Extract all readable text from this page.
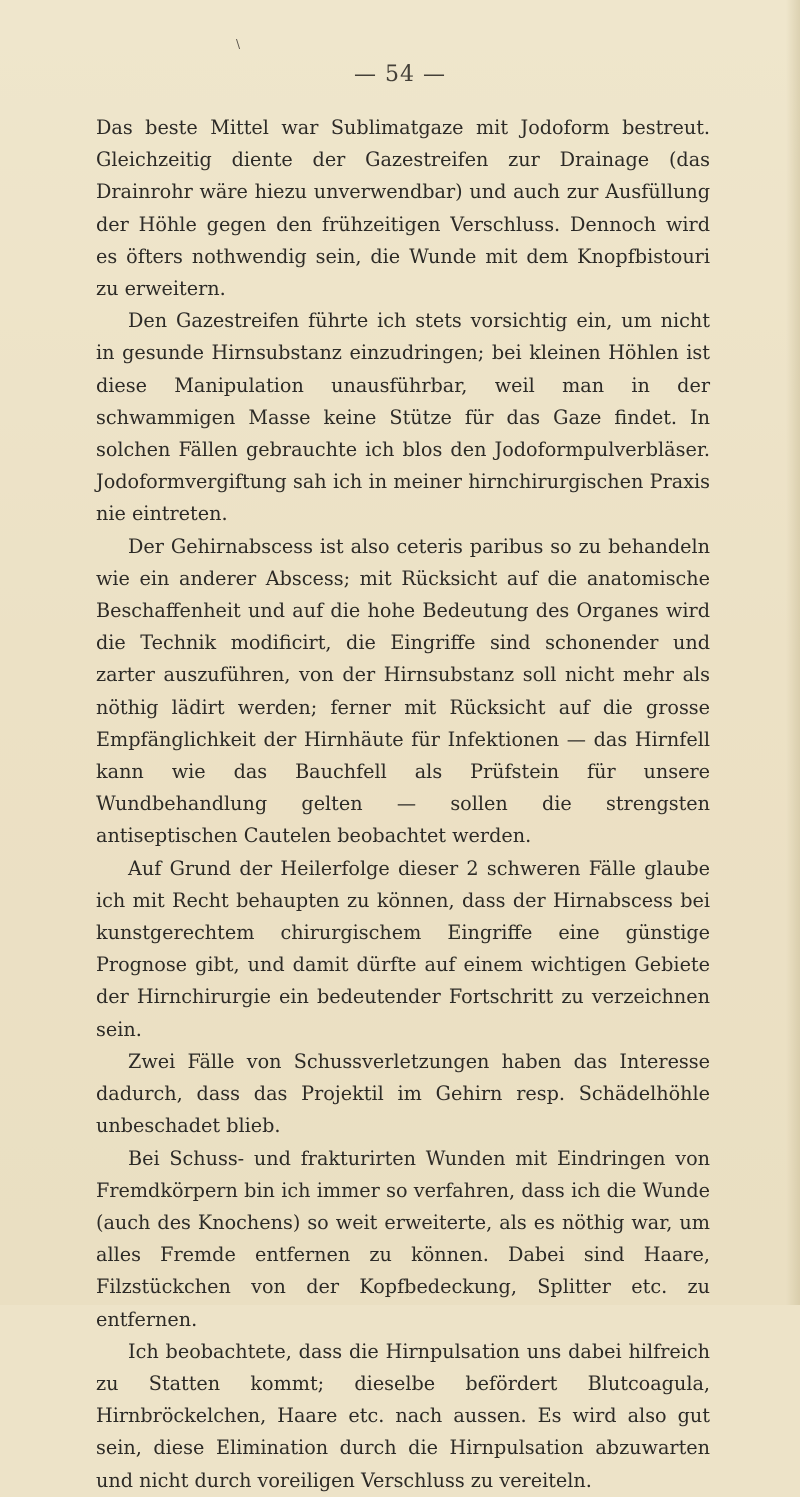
\
— 54 —

Das beste Mittel war Sublimatgaze mit Jodoform bestreut. Gleichzeitig diente der Gazestreifen zur Drainage (das Drainrohr wäre hiezu unverwendbar) und auch zur Ausfüllung der Höhle gegen den frühzeitigen Verschluss. Dennoch wird es öfters nothwendig sein, die Wunde mit dem Knopfbistouri zu erweitern.

Den Gazestreifen führte ich stets vorsichtig ein, um nicht in gesunde Hirnsubstanz einzudringen; bei kleinen Höhlen ist diese Manipulation unausführbar, weil man in der schwammigen Masse keine Stütze für das Gaze findet. In solchen Fällen gebrauchte ich blos den Jodoformpulverbläser. Jodoformvergiftung sah ich in meiner hirnchirurgischen Praxis nie eintreten.

Der Gehirnabscess ist also ceteris paribus so zu behandeln wie ein anderer Abscess; mit Rücksicht auf die anatomische Beschaffenheit und auf die hohe Bedeutung des Organes wird die Technik modificirt, die Eingriffe sind schonender und zarter auszuführen, von der Hirnsubstanz soll nicht mehr als nöthig lädirt werden; ferner mit Rücksicht auf die grosse Empfänglichkeit der Hirnhäute für Infektionen — das Hirnfell kann wie das Bauchfell als Prüfstein für unsere Wundbehandlung gelten — sollen die strengsten antiseptischen Cautelen beobachtet werden.

Auf Grund der Heilerfolge dieser 2 schweren Fälle glaube ich mit Recht behaupten zu können, dass der Hirnabscess bei kunstgerechtem chirurgischem Eingriffe eine günstige Prognose gibt, und damit dürfte auf einem wichtigen Gebiete der Hirnchirurgie ein bedeutender Fortschritt zu verzeichnen sein.

Zwei Fälle von Schussverletzungen haben das Interesse dadurch, dass das Projektil im Gehirn resp. Schädelhöhle unbeschadet blieb.

Bei Schuss- und frakturirten Wunden mit Eindringen von Fremdkörpern bin ich immer so verfahren, dass ich die Wunde (auch des Knochens) so weit erweiterte, als es nöthig war, um alles Fremde entfernen zu können. Dabei sind Haare, Filzstückchen von der Kopfbedeckung, Splitter etc. zu entfernen.

Ich beobachtete, dass die Hirnpulsation uns dabei hilfreich zu Statten kommt; dieselbe befördert Blutcoagula, Hirnbröckelchen, Haare etc. nach aussen. Es wird also gut sein, diese Elimination durch die Hirnpulsation abzuwarten und nicht durch voreiligen Verschluss zu vereiteln.
